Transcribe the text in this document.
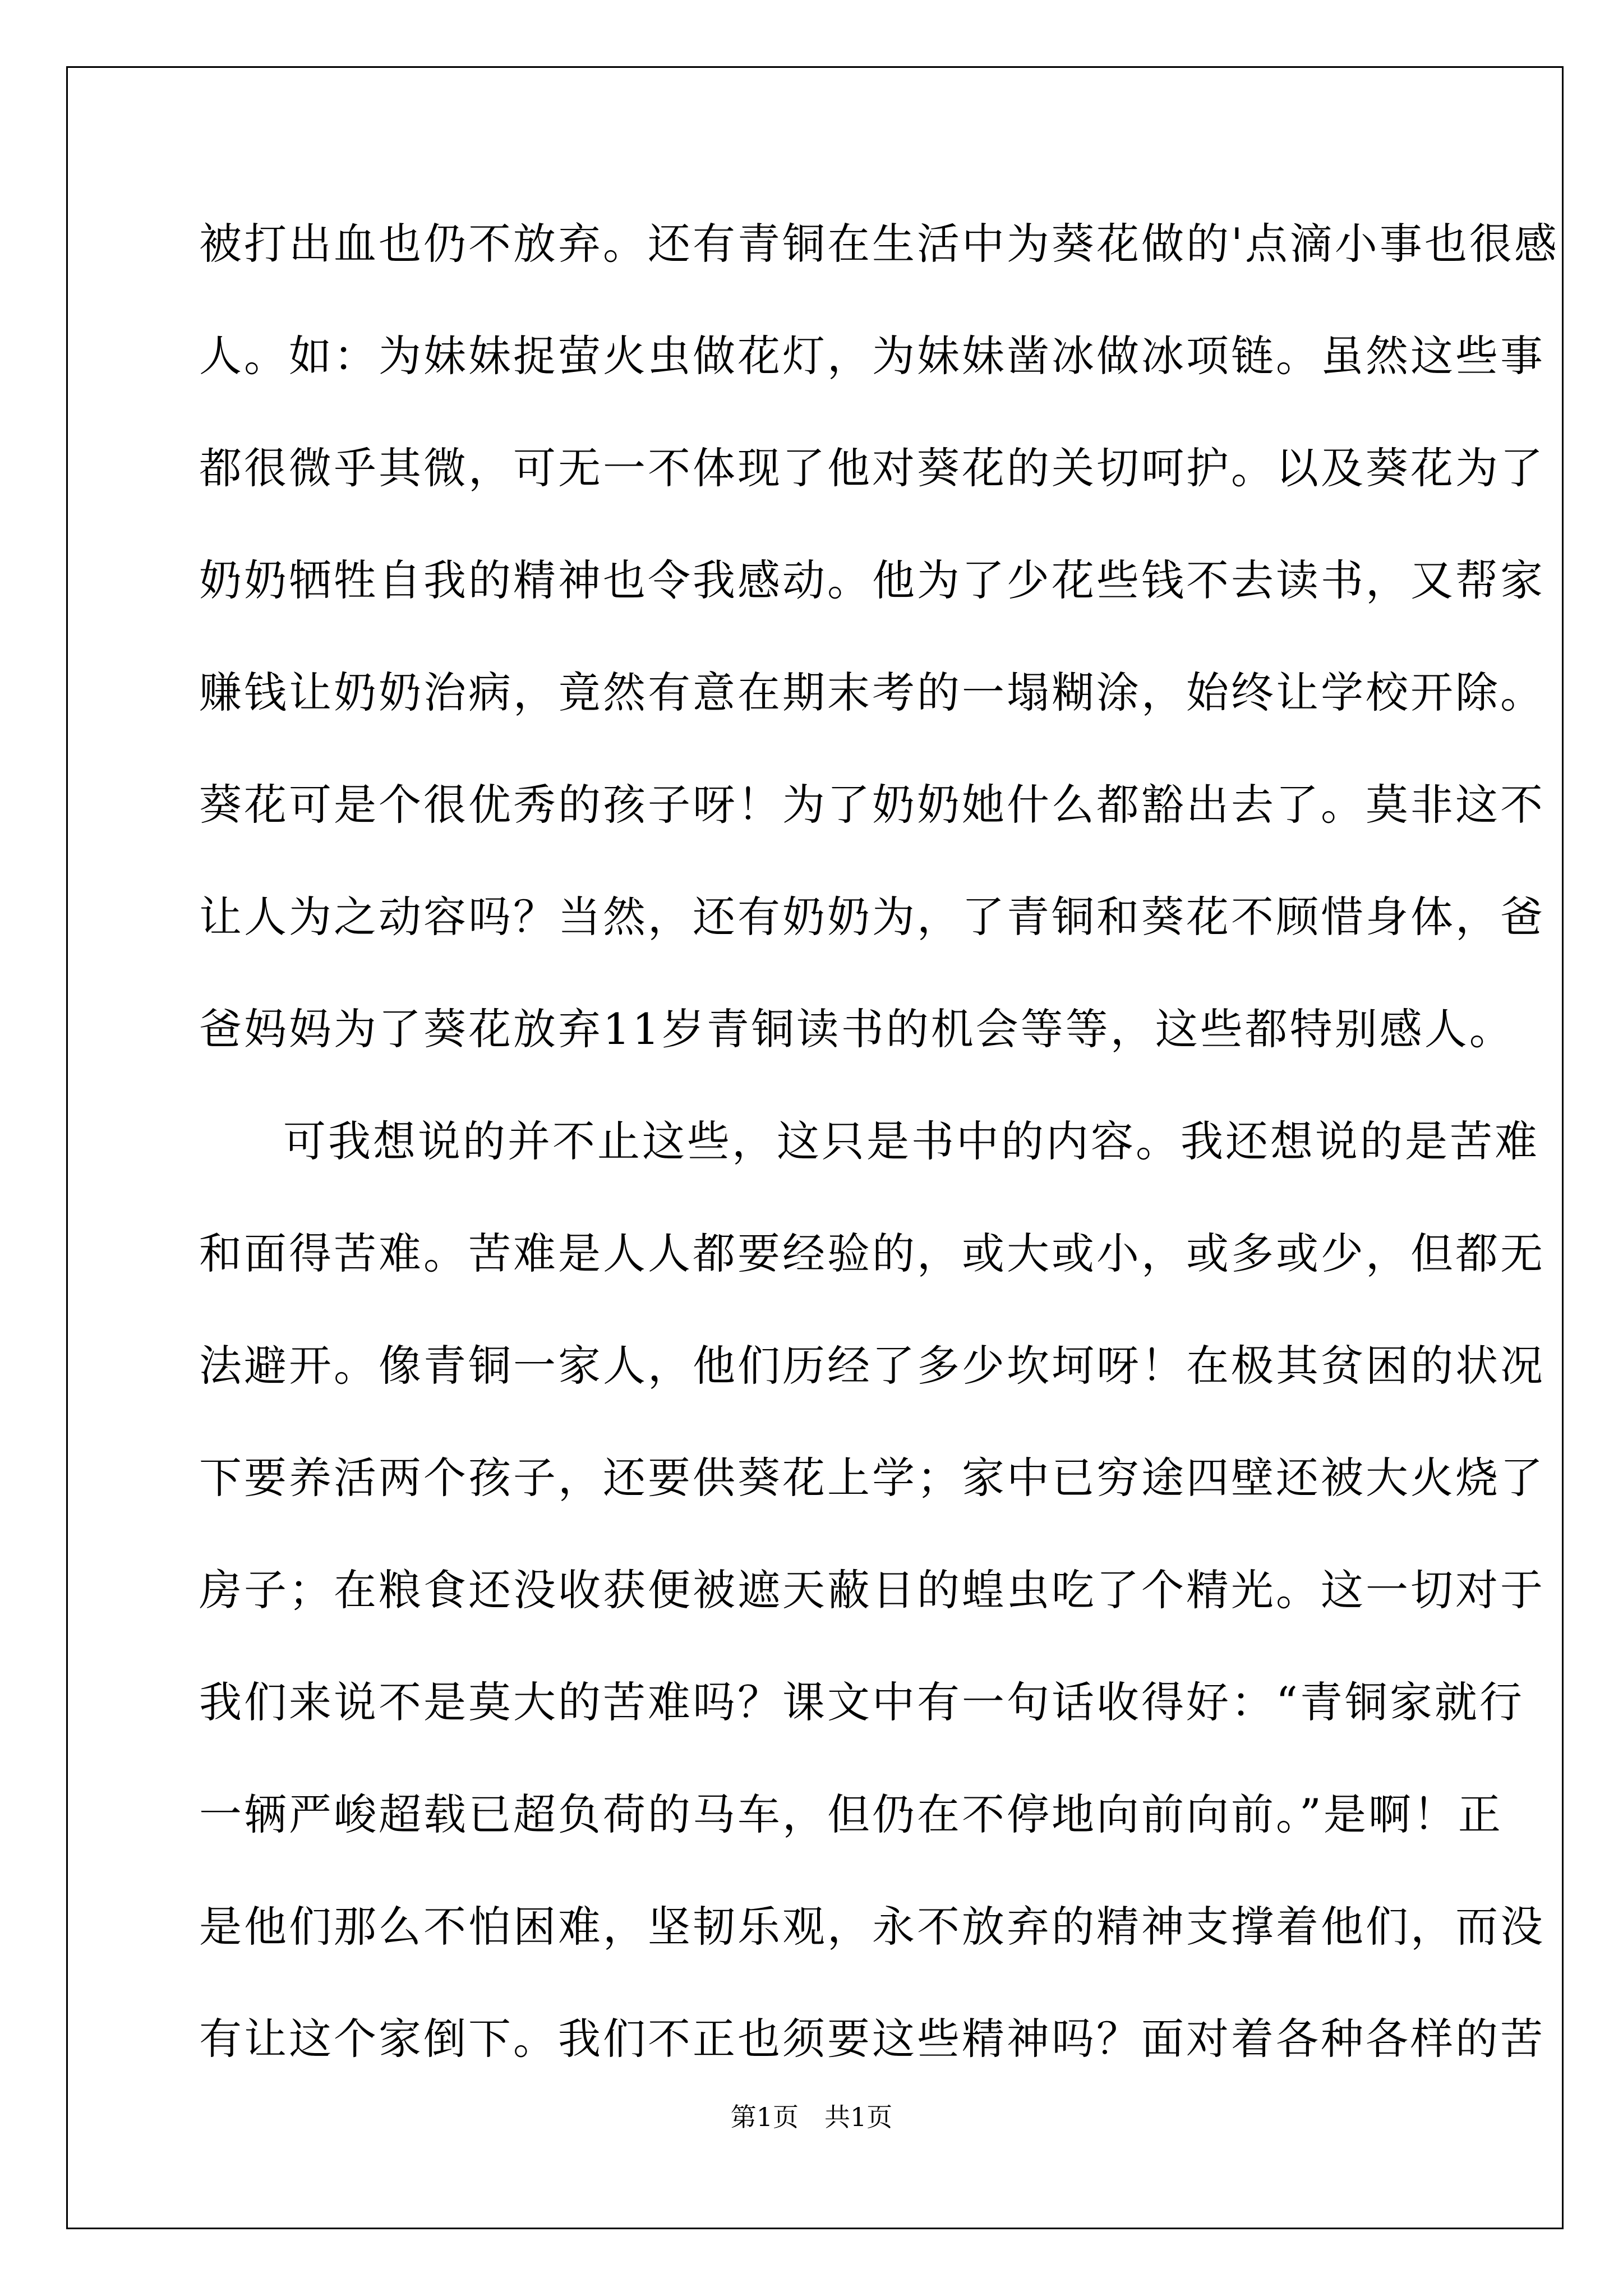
被打出血也仍不放弃。还有青铜在生活中为葵花做的'点滴小事也很感
人。如：为妹妹捉萤火虫做花灯，为妹妹凿冰做冰项链。虽然这些事
都很微乎其微，可无一不体现了他对葵花的关切呵护。以及葵花为了
奶奶牺牲自我的精神也令我感动。他为了少花些钱不去读书，又帮家
赚钱让奶奶治病，竟然有意在期末考的一塌糊涂，始终让学校开除。
葵花可是个很优秀的孩子呀！为了奶奶她什么都豁出去了。莫非这不
让人为之动容吗？当然，还有奶奶为，了青铜和葵花不顾惜身体，爸
爸妈妈为了葵花放弃11岁青铜读书的机会等等，这些都特别感人。
可我想说的并不止这些，这只是书中的内容。我还想说的是苦难
和面得苦难。苦难是人人都要经验的，或大或小，或多或少，但都无
法避开。像青铜一家人，他们历经了多少坎坷呀！在极其贫困的状况
下要养活两个孩子，还要供葵花上学；家中已穷途四壁还被大火烧了
房子；在粮食还没收获便被遮天蔽日的蝗虫吃了个精光。这一切对于
我们来说不是莫大的苦难吗？课文中有一句话收得好：“青铜家就行
一辆严峻超载已超负荷的马车，但仍在不停地向前向前。”是啊！正
是他们那么不怕困难，坚韧乐观，永不放弃的精神支撑着他们，而没
有让这个家倒下。我们不正也须要这些精神吗？面对着各种各样的苦
第1页　共1页
